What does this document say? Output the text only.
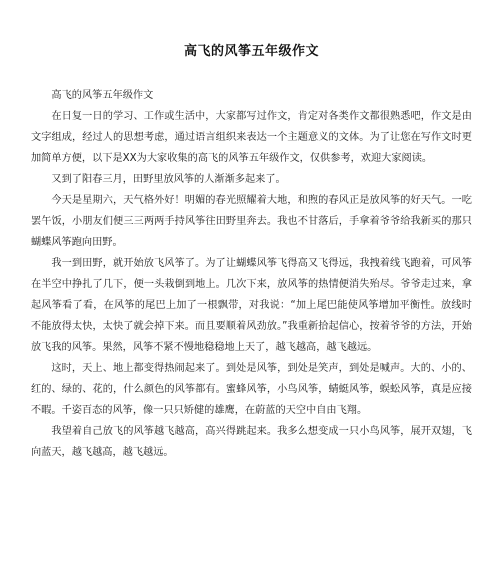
高飞的风筝五年级作文

高飞的风筝五年级作文

在日复一日的学习、工作或生活中，大家都写过作文，肯定对各类作文都很熟悉吧，作文是由文字组成，经过人的思想考虑，通过语言组织来表达一个主题意义的文体。为了让您在写作文时更加简单方便，以下是XX为大家收集的高飞的风筝五年级作文，仅供参考，欢迎大家阅读。

又到了阳春三月，田野里放风筝的人渐渐多起来了。

今天是星期六，天气格外好！明媚的春光照耀着大地，和煦的春风正是放风筝的好天气。一吃罢午饭，小朋友们便三三两两手持风筝往田野里奔去。我也不甘落后，手拿着爷爷给我新买的那只蝴蝶风筝跑向田野。

我一到田野，就开始放飞风筝了。为了让蝴蝶风筝飞得高又飞得远，我拽着线飞跑着，可风筝在半空中挣扎了几下，便一头栽倒到地上。几次下来，放风筝的热情便消失殆尽。爷爷走过来，拿起风筝看了看，在风筝的尾巴上加了一根飘带，对我说：“加上尾巴能使风筝增加平衡性。放线时不能放得太快，太快了就会掉下来。而且要顺着风劲放。”我重新拾起信心，按着爷爷的方法，开始放飞我的风筝。果然，风筝不紧不慢地稳稳地上天了，越飞越高，越飞越远。

这时，天上、地上都变得热闹起来了。到处是风筝，到处是笑声，到处是喊声。大的、小的、红的、绿的、花的，什么颜色的风筝都有。蜜蜂风筝，小鸟风筝，蜻蜓风筝，蜈蚣风筝，真是应接不暇。千姿百态的风筝，像一只只矫健的雄鹰，在蔚蓝的天空中自由飞翔。

我望着自己放飞的风筝越飞越高，高兴得跳起来。我多么想变成一只小鸟风筝，展开双翅，飞向蓝天，越飞越高，越飞越远。
